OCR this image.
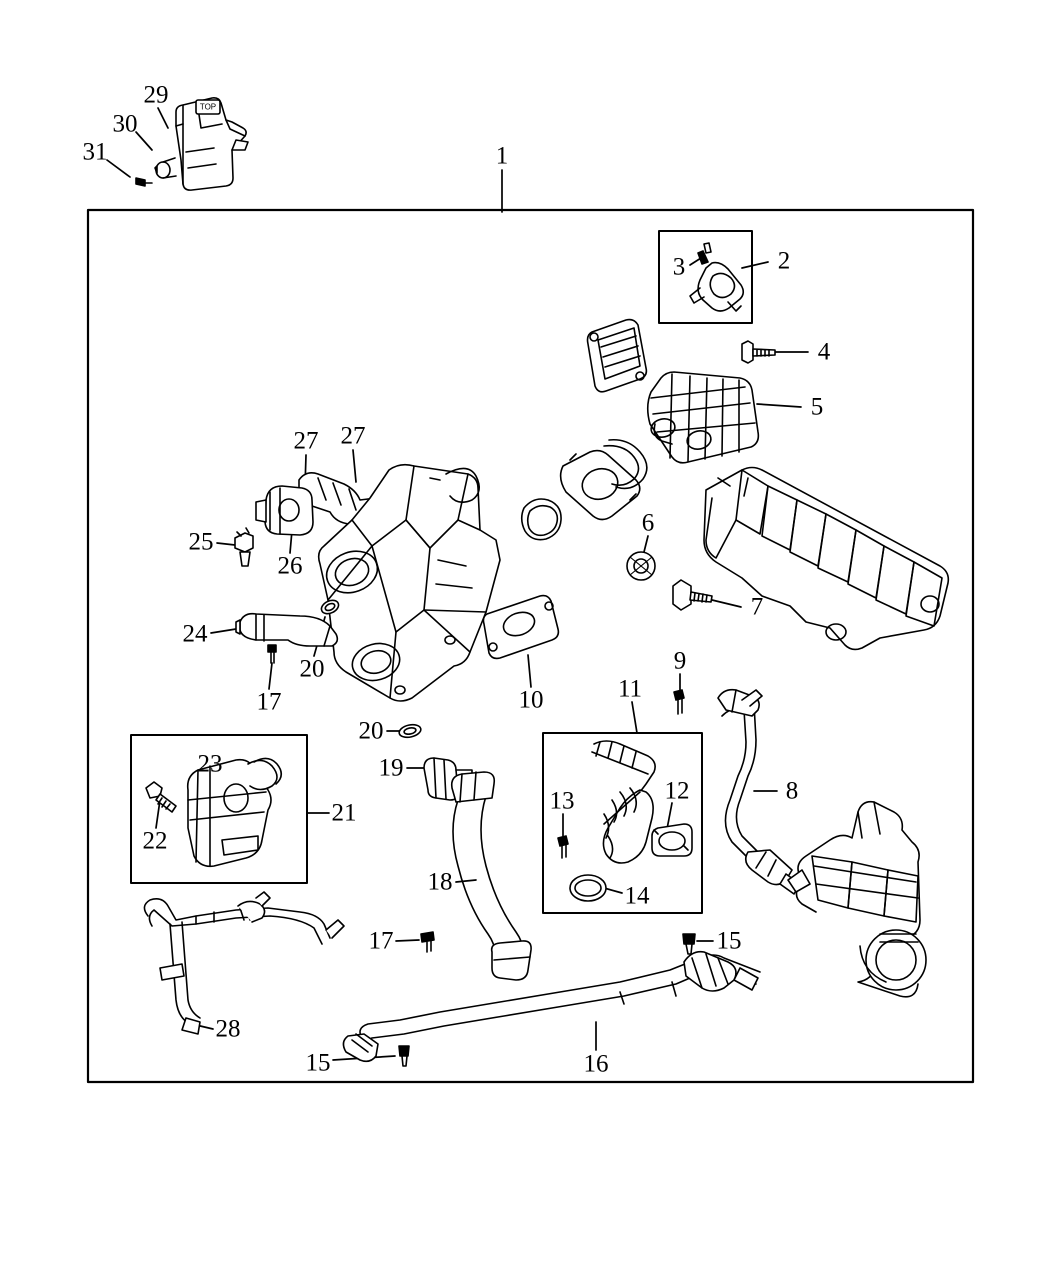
1
2
3
4
5
6
7
8
9
10	11
12
13
14
15
15	16
17
17
18
19
20
20
21
22
23
24
25
26
27 27
28
29
30
31
TOP
